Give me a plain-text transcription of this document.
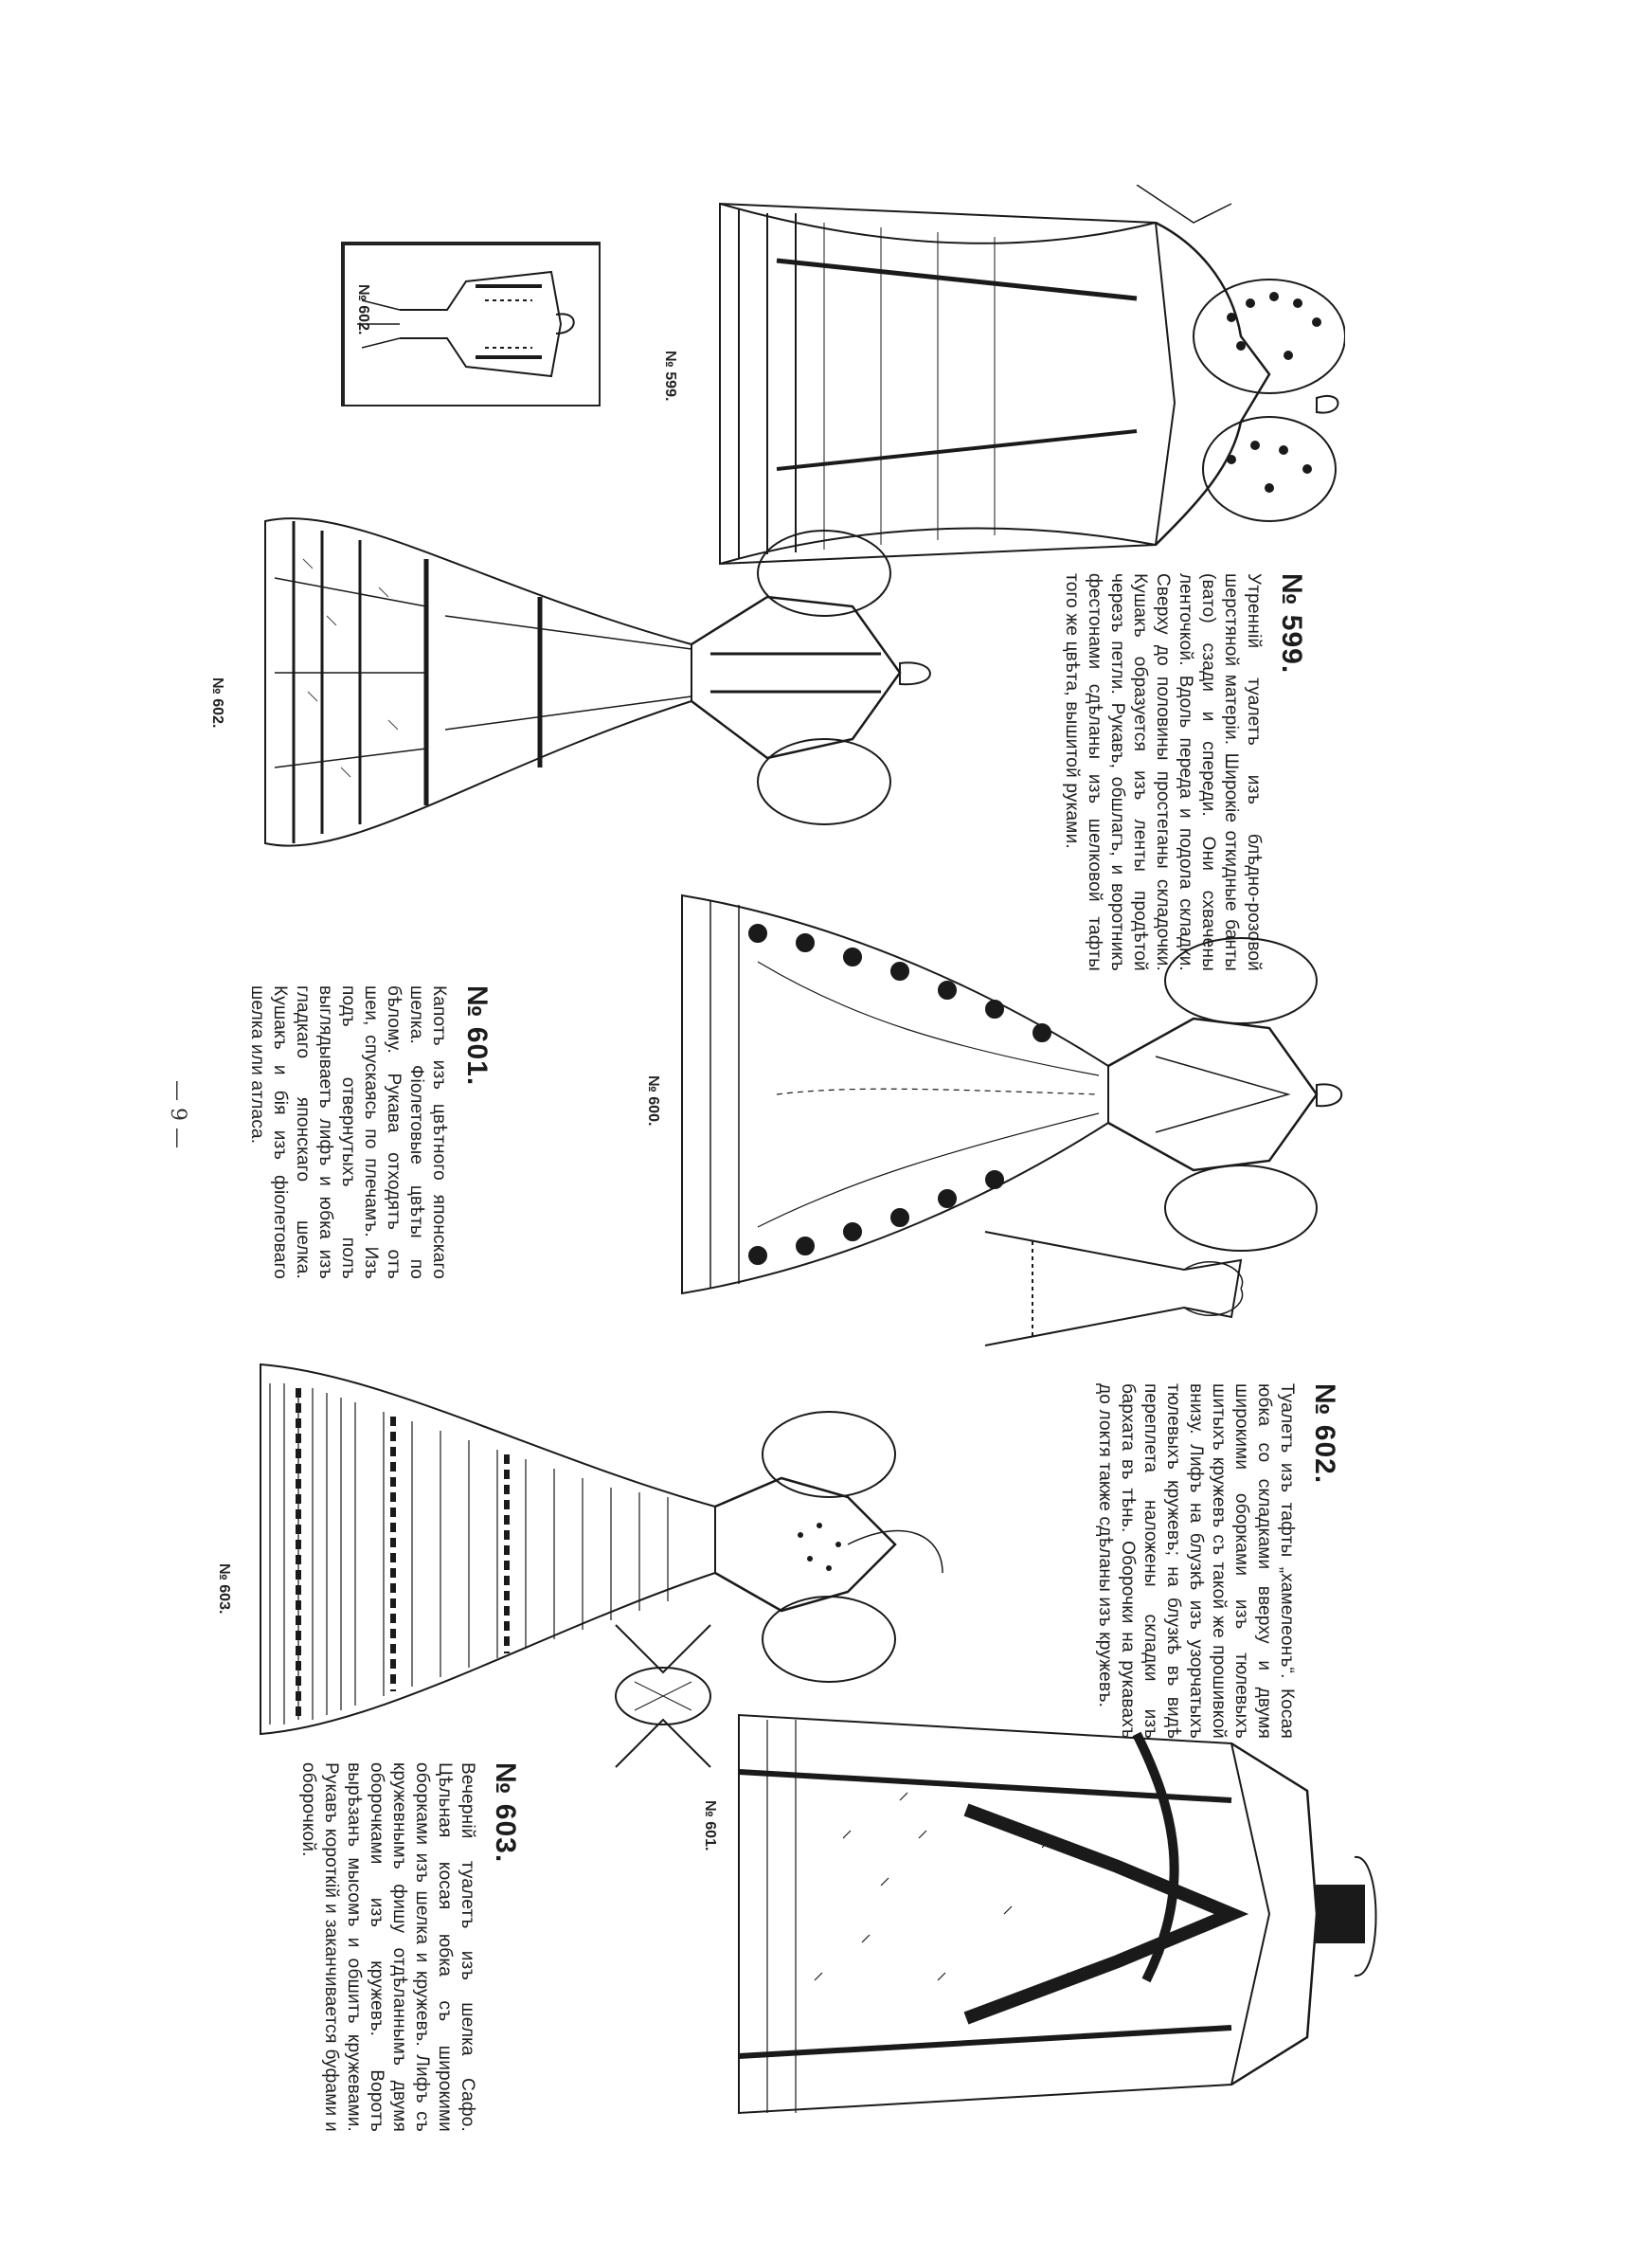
№ 599.
№ 602.
№ 599.
Утренній туалетъ изъ блѣдно-розовой шерстяной матеріи. Широкіе откидные банты (вато) сзади и спереди. Они схвачены ленточкой. Вдоль переда и подола складки. Сверху до половины простеганы складочки. Кушакъ образуется изъ ленты продѣтой черезъ петли. Рукавъ, обшлагъ, и воротникъ фестонами сдѣланы изъ шелковой тафты того же цвѣта, вышитой руками.
№ 602.
№ 600.
№ 601.
Капотъ изъ цвѣтного японскаго шелка. Фіолетовые цвѣты по бѣлому. Рукава отходятъ отъ шеи, спускаясь по плечамъ. Изъ подъ отвернутыхъ полъ выглядываетъ лифъ и юбка изъ гладкаго японскаго шелка. Кушакъ и бія изъ фіолетоваго шелка или атласа.
— 9 —
№ 602.
Туалетъ изъ тафты „хамелеонъ“. Косая юбка со складками вверху и двумя широкими оборками изъ тюлевыхъ шитыхъ кружевъ съ такой же прошивкой внизу. Лифъ на блузкѣ изъ узорчатыхъ тюлевыхъ кружевъ; на блузкѣ въ видѣ переплета наложены складки изъ бархата въ тѣнь. Оборочки на рукавахъ до локтя также сдѣланы изъ кружевъ.
№ 603.
№ 601.
№ 603.
Вечерній туалетъ изъ шелка Сафо. Цѣльная косая юбка съ широкими оборками изъ шелка и кружевъ. Лифъ съ кружевнымъ фишу отдѣланнымъ двумя оборочками изъ кружевъ. Воротъ вырѣзанъ мысомъ и обшитъ кружевами. Рукавъ короткій и заканчивается буфами и оборочкой.
